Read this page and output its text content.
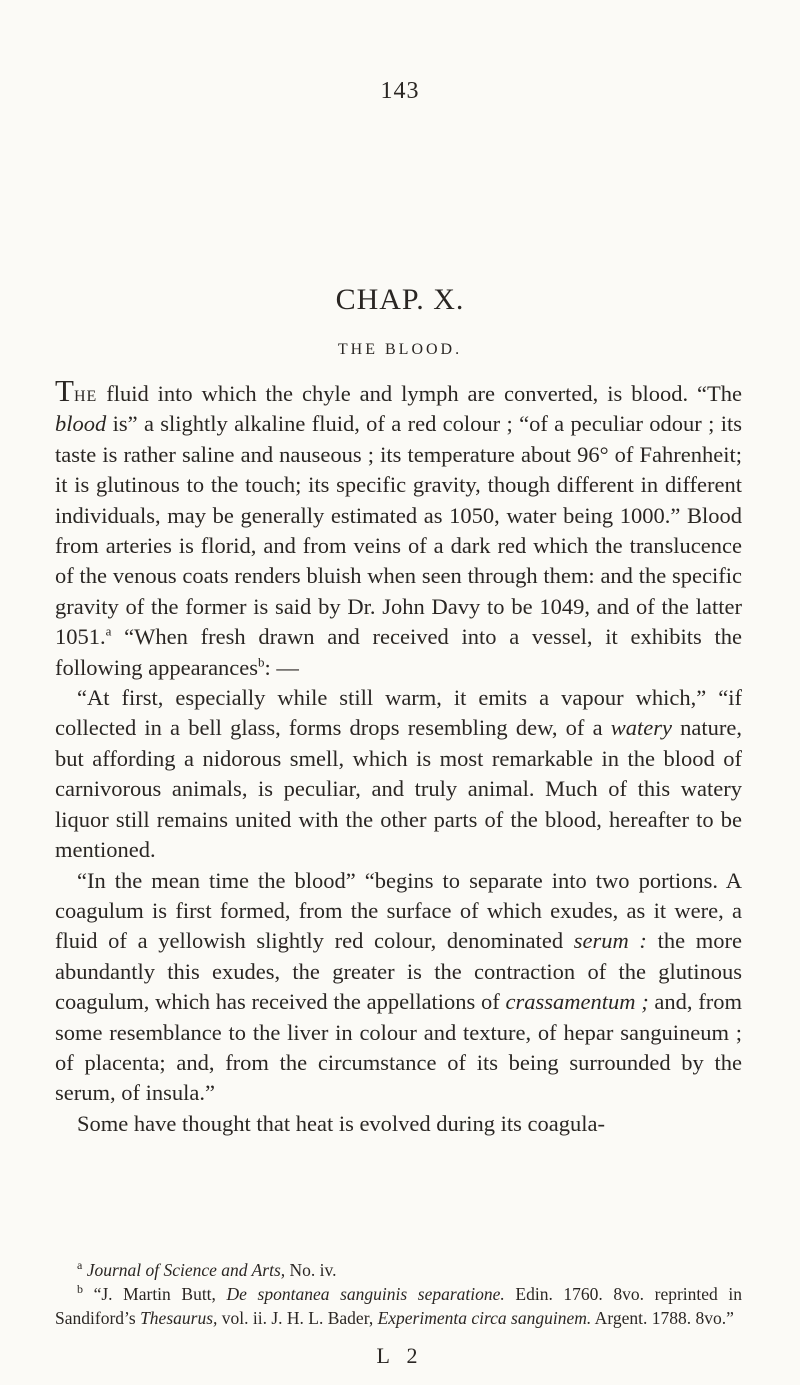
143
CHAP. X.
THE BLOOD.

The fluid into which the chyle and lymph are converted, is blood. “The blood is” a slightly alkaline fluid, of a red colour ; “of a peculiar odour ; its taste is rather saline and nauseous ; its temperature about 96° of Fahrenheit; it is glutinous to the touch; its specific gravity, though different in different individuals, may be generally estimated as 1050, water being 1000.” Blood from arteries is florid, and from veins of a dark red which the translucence of the venous coats renders bluish when seen through them: and the specific gravity of the former is said by Dr. John Davy to be 1049, and of the latter 1051.$^a$ “When fresh drawn and received into a vessel, it exhibits the following appearances$^b$: —

“At first, especially while still warm, it emits a vapour which,” “if collected in a bell glass, forms drops resembling dew, of a watery nature, but affording a nidorous smell, which is most remarkable in the blood of carnivorous animals, is peculiar, and truly animal. Much of this watery liquor still remains united with the other parts of the blood, hereafter to be mentioned.

“In the mean time the blood” “begins to separate into two portions. A coagulum is first formed, from the surface of which exudes, as it were, a fluid of a yellowish slightly red colour, denominated serum : the more abundantly this exudes, the greater is the contraction of the glutinous coagulum, which has received the appellations of crassamentum ; and, from some resemblance to the liver in colour and texture, of hepar sanguineum ; of placenta; and, from the circumstance of its being surrounded by the serum, of insula.”

Some have thought that heat is evolved during its coagula-

$^a$ Journal of Science and Arts, No. iv.

$^b$ “J. Martin Butt, De spontanea sanguinis separatione. Edin. 1760. 8vo. reprinted in Sandiford’s Thesaurus, vol. ii. J. H. L. Bader, Experimenta circa sanguinem. Argent. 1788. 8vo.”

L 2
